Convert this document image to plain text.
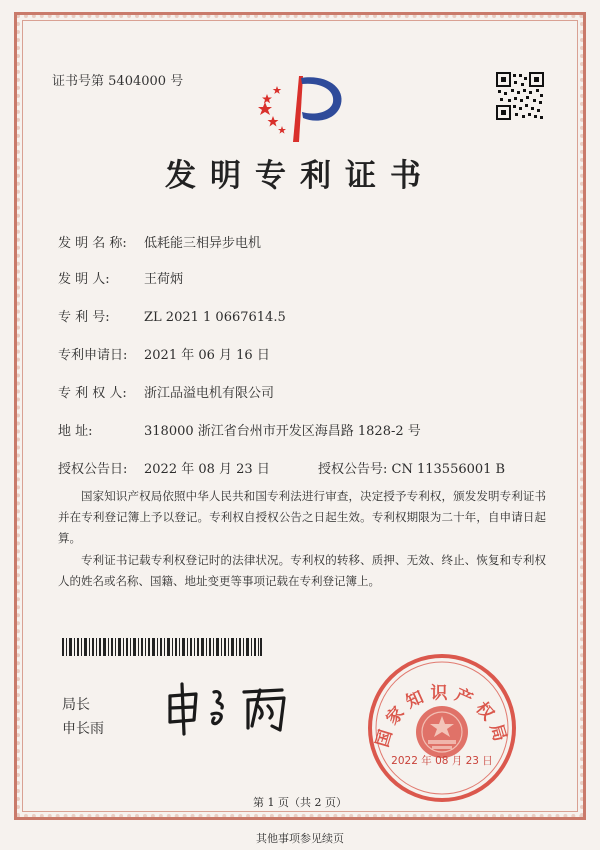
证书号第 5404000 号
发明专利证书
发 明 名 称: 低耗能三相异步电机
发 明 人:	王荷炳
专 利 号:	ZL 2021 1 0667614.5
专利申请日: 2021 年 06 月 16 日
专 利 权 人: 浙江品溢电机有限公司
地 址:	318000 浙江省台州市开发区海昌路 1828-2 号
授权公告日: 2022 年 08 月 23 日	授权公告号: CN 113556001 B
国家知识产权局依照中华人民共和国专利法进行审查，决定授予专利权，颁发发明专利证书并在专利登记簿上予以登记。专利权自授权公告之日起生效。专利权期限为二十年，自申请日起算。
专利证书记载专利权登记时的法律状况。专利权的转移、质押、无效、终止、恢复和专利权人的姓名或名称、国籍、地址变更等事项记载在专利登记簿上。
局长
申长雨	国家知识产权局
2022 年 08 月 23 日
第 1 页（共 2 页）
其他事项参见续页
